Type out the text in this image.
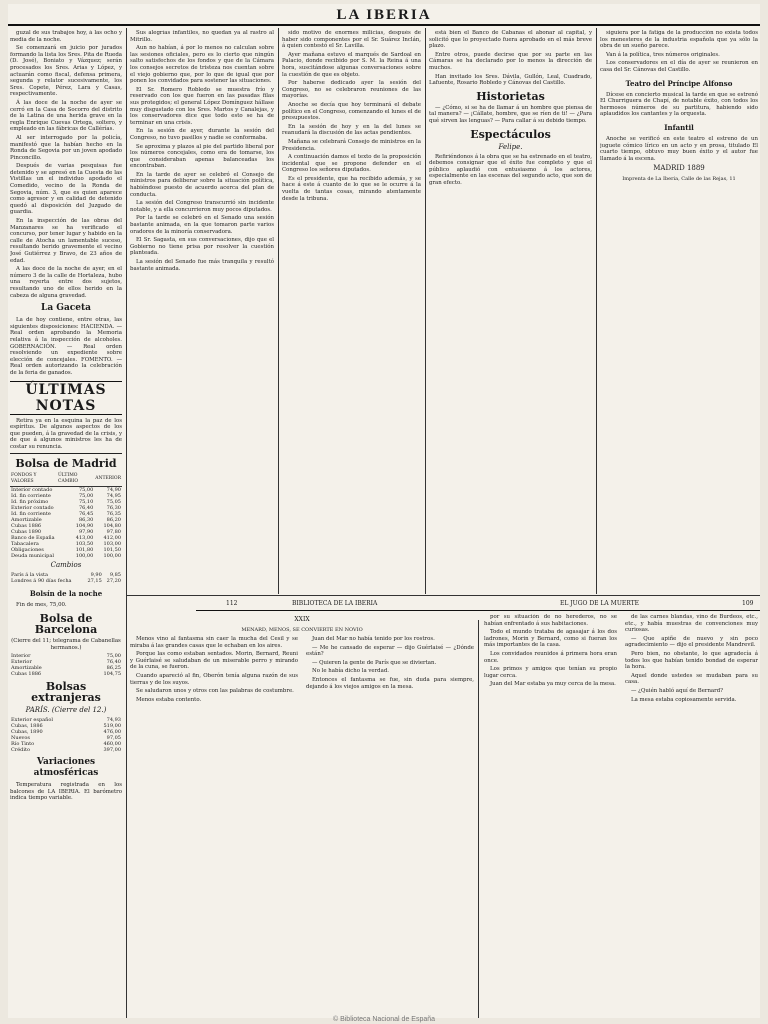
LA IBERIA

guzal de sus trabajos hoy, á las ocho y media de la noche.

Se comenzará en juicio por jurados formando la lista los Sres. Pita de Rueda (D. José), Boniato y Vázquez; serán procesados los Sres. Arias y López, y actuarán como fiscal, defensa primera, segunda y relator sucesivamente, los Sres. Copete, Pérez, Lara y Casas, respectivamente.

Á las doce de la noche de ayer se cerró en la Casa de Socorro del distrito de la Latina de una herida grave en la regla Enrique Cuevas Ortega, soltero, y empleado en las fábricas de Callérías.

Al ser interrogado por la policía, manifestó que la habían hecho en la Ronda de Segovia por un joven apodado Pinconcillo.

Después de varias pesquisas fue detenido y se apresó en la Cuesta de las Vistillas un el individuo apodado el Comedido, vecino de la Ronda de Segovia, núm. 3, que es quien aparece como agresor y en calidad de detenido quedó al disposición del Juzgado de guardia.

En la inspección de las obras del Manzanares se ha verificado el concurso, por tener lugar y habido en la calle de Atocha un lamentable suceso, resultando herido gravemente el vecino José Gutiérrez y Bravo, de 23 años de edad.

A las doce de la noche de ayer, en el número 3 de la calle de Hortaleza, hubo una reyerta entre dos sujetos, resultando uno de ellos herido en la cabeza de alguna gravedad.

La Gaceta

La de hoy contiene, entre otras, las siguientes disposiciones: HACIENDA. — Real orden aprobando la Memoria relativa á la inspección de alcoholes. GOBERNACIÓN. — Real orden resolviendo un expediente sobre elección de concejales. FOMENTO. — Real orden autorizando la celebración de la feria de ganados.

ÚLTIMAS NOTAS

Retira ya en la esquina la paz de los espíritus. De algunos aspectos de los que pueden, á la gravedad de la crisis, y de que á algunos ministros les ha de costar su renuncia.

Bolsa de Madrid
FONDOS Y VALORES	ÚLTIMO CAMBIO	ANTERIOR
Interior contado	75,00	74,90
Id. fin corriente	75,00	74,95
Id. fin próximo	75,10	75,05
Exterior contado	76,40	76,30
Id. fin corriente	76,45	76,35
Amortizable	86,30	86,20
Cubas 1886	104,90	104,80
Cubas 1890	97,90	97,80
Banco de España	413,00	412,00
Tabacalera	103,50	103,00
Obligaciones	101,80	101,50
Deuda municipal	100,00	100,00
Cambios
París á la vista	9,90	9,85
Londres á 90 días fecha	27,15	27,20
Bolsín de la noche

Fin de mes, 75,00.

Bolsa de Barcelona

(Cierre del 11; telegrama de Cabanellas hermanos.)

Interior	75,00
Exterior	76,40
Amortizable	86,25
Cubas 1886	104,75
Bolsas extranjeras
PARÍS. (Cierre del 12.)
Exterior español	74,93
Cubas, 1886	519,00
Cubas, 1890	476,00
Nuevos	97,05
Río Tinto	460,00
Crédito	397,00
Variaciones atmosféricas

Temperatura registrada en los balcones de LA IBERIA. El barómetro indica tiempo variable.

Sus alegrías infantiles, no quedan ya al rastro al Mitrillo.

Aun no habían, á por lo menos no calculan sobre las sesiones oficiales, pero es lo cierto que ningún salto satisfechos de los fondos y que de la Cámara los consejos secretos de tristeza nos cuentan sobre el viejo gobierno que, por lo que de igual que por ponen los convidados para sostener las situaciones.

El Sr. Romero Robledo se muestra frío y reservado con los que fueron en las pasadas filas sus protegidos; el general López Domínguez hállase muy disgustado con los Sres. Martos y Canalejas, y los conservadores dice que todo esto se ha de terminar en una crisis.

En la sesión de ayer, durante la sesión del Congreso, no tuvo pasillos y nadie se conformaba.

Se aproxima y plazos al pie del partido liberal por los números concejales, como era de tomarse, los que consideraban apenas balanceadas los encontraban.

En la tarde de ayer se celebró el Consejo de ministros para deliberar sobre la situación política, habiéndose puesto de acuerdo acerca del plan de conducta.

La sesión del Congreso transcurrió sin incidente notable, y a ella concurrieron muy pocos diputados.

Por la tarde se celebró en el Senado una sesión bastante animada, en la que tomaron parte varios oradores de la minoría conservadora.

El Sr. Sagasta, en sus conversaciones, dijo que el Gobierno no tiene prisa por resolver la cuestión planteada.

La sesión del Senado fue más tranquila y resultó bastante animada.

sido motivo de enormes milicias, después de haber sido componentes por el Sr. Suárez Inclán, á quien contestó el Sr. Lavilla.

Ayer mañana estuvo el marqués de Sardoal en Palacio, donde recibido por S. M. la Reina á una hora, suscitándose algunas conversaciones sobre la cuestión de que es objeto.

Por haberse dedicado ayer la sesión del Congreso, no se celebraron reuniones de las mayorías.

Anoche se decía que hoy terminará el debate político en el Congreso, comenzando el lunes el de presupuestos.

En la sesión de hoy y en la del lunes se reanudará la discusión de las actas pendientes.

Mañana se celebrará Consejo de ministros en la Presidencia.

A continuación damos el texto de la proposición incidental que se propone defender en el Congreso los señores diputados.

Es el presidente, que ha recibido además, y se hace á este á cuanto de lo que se le ocurre á la vuelta de tantas cosas, mirando atentamente desde la tribuna.

está bien el Banco de Cabanas el abonar al capital, y solicitó que lo proyectado fuera aprobado en el más breve plazo.

Entre otros, puede decirse que por su parte en las Cámaras se ha declarado por lo menos la dirección de muchos.

Han invitado los Sres. Dávila, Gullón, Leal, Cuadrado, Lafuente, Rosario Robledo y Cánovas del Castillo.

Historietas

— ¿Cómo, si se ha de llamar á un hombre que piensa de tal manera? — ¡Cállate, hombre, que se ríen de ti! — ¿Para qué sirven las lenguas? — Para callar á su debido tiempo.

Espectáculos
Felipe.

Refiriéndonos á la obra que se ha estrenado en el teatro, debemos consignar que el éxito fue completo y que el público aplaudió con entusiasmo á los actores, especialmente en las escenas del segundo acto, que son de gran efecto.

siguiera por la fatiga de la producción no exista todos los menesteres de la industria española que ya sólo la obra de un sueño parece.

Van á la política, tres números originales.

Los conservadores en el día de ayer se reunieron en casa del Sr. Cánovas del Castillo.

Teatro del Príncipe Alfonso

Dícese en concierto musical la tarde en que se estrenó El Churriguera de Chapí, de notable éxito, con todos los hermosos números de su partitura, habiendo sido aplaudidos los cantantes y la orquesta.

Infantil

Anoche se verificó en este teatro el estreno de un juguete cómico lírico en un acto y en prosa, titulado El cuarto tiempo, obtuvo muy buen éxito y el autor fue llamado á la escena.

MADRID 1889
Imprenta de La Iberia, Calle de las Rejas, 11
112	BIBLIOTECA DE LA IBERIA	EL JUGO DE LA MUERTE	109
XXIX
MENARD, MENOS, SE CONVIERTE EN NOVIO

Menos vino al fantasma sin caer la mucha del Cesil y se miraba á las grandes casas que le echaban en los aires.

Porque las como estaban sentados. Morin, Bernard, Reuni y Guérlaisé se saludaban de un miserable perro y mirando de la cuna, se fueron.

Cuando apareció al fin, Oberón tenía alguna razón de sus tierras y de los suyos.

Se saludaron unos y otros con las palabras de costumbre.

Menos estaba contento.

Juan del Mar no había tenido por los rostros.

— Me he cansado de esperar — dijo Guérlaisé — ¿Dónde están?

— Quieren la gente de París que se diviertan.

No le había dicho la verdad.

Entonces el fantasma se fue, sin duda para siempre, dejando á los viejos amigos en la mesa.

por su situación de no herederos, no se habían enfrentado á sus habitaciones.

Todo el mundo trataba de agasajar á los dos ladrones, Morin y Bernard, como si fueran los más importantes de la casa.

Los convidados reunidos á primera hora eran once.

Los primos y amigos que tenían su propio lugar cerca.

Juan del Mar estaba ya muy cerca de la mesa.

de las carnes blandas, vino de Burdeos, etc., etc., y había muestras de convenciones muy curiosas.

— Que apiñe de nuevo y sin poco agradecimiento — dijo el presidente Mandrevil.

Pero bien, no obstante, lo que agradecía á todos los que habían tenido bondad de esperar la hora.

Aquel donde ustedes se mudaban para su casa.

— ¿Quién habló aquí de Bernard?

La mesa estaba copiosamente servida.

© Biblioteca Nacional de España
